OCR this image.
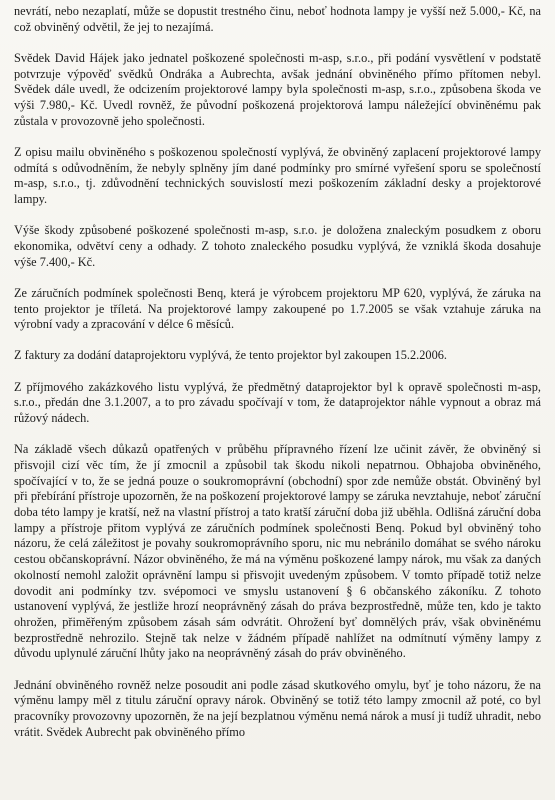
nevrátí, nebo nezaplatí, může se dopustit trestného činu, neboť hodnota lampy je vyšší než 5.000,- Kč, na což obviněný odvětil, že jej to nezajímá.

Svědek David Hájek jako jednatel poškozené společnosti m-asp, s.r.o., při podání vysvětlení v podstatě potvrzuje výpověď svědků Ondráka a Aubrechta, avšak jednání obviněného přímo přítomen nebyl. Svědek dále uvedl, že odcizením projektorové lampy byla společnosti m-asp, s.r.o., způsobena škoda ve výši 7.980,- Kč. Uvedl rovněž, že původní poškozená projektorová lampu náležející obviněnému pak zůstala v provozovně jeho společnosti.

Z opisu mailu obviněného s poškozenou společností vyplývá, že obviněný zaplacení projektorové lampy odmítá s odůvodněním, že nebyly splněny jím dané podmínky pro smírné vyřešení sporu se společností m-asp, s.r.o., tj. zdůvodnění technických souvislostí mezi poškozením základní desky a projektorové lampy.

Výše škody způsobené poškozené společnosti m-asp, s.r.o. je doložena znaleckým posudkem z oboru ekonomika, odvětví ceny a odhady. Z tohoto znaleckého posudku vyplývá, že vzniklá škoda dosahuje výše 7.400,- Kč.

Ze záručních podmínek společnosti Benq, která je výrobcem projektoru MP 620, vyplývá, že záruka na tento projektor je tříletá. Na projektorové lampy zakoupené po 1.7.2005 se však vztahuje záruka na výrobní vady a zpracování v délce 6 měsíců.

Z faktury za dodání dataprojektoru vyplývá, že tento projektor byl zakoupen 15.2.2006.

Z příjmového zakázkového listu vyplývá, že předmětný dataprojektor byl k opravě společnosti m-asp, s.r.o., předán dne 3.1.2007, a to pro závadu spočívají v tom, že dataprojektor náhle vypnout a obraz má růžový nádech.

Na základě všech důkazů opatřených v průběhu přípravného řízení lze učinit závěr, že obviněný si přisvojil cizí věc tím, že jí zmocnil a způsobil tak škodu nikoli nepatrnou. Obhajoba obviněného, spočívající v to, že se jedná pouze o soukromoprávní (obchodní) spor zde nemůže obstát. Obviněný byl při přebírání přístroje upozorněn, že na poškození projektorové lampy se záruka nevztahuje, neboť záruční doba této lampy je kratší, než na vlastní přístroj a tato kratší záruční doba již uběhla. Odlišná záruční doba lampy a přístroje přitom vyplývá ze záručních podmínek společnosti Benq. Pokud byl obviněný toho názoru, že celá záležitost je povahy soukromoprávního sporu, nic mu nebránilo domáhat se svého nároku cestou občanskoprávní. Názor obviněného, že má na výměnu poškozené lampy nárok, mu však za daných okolností nemohl založit oprávnění lampu si přisvojit uvedeným způsobem. V tomto případě totiž nelze dovodit ani podmínky tzv. svépomoci ve smyslu ustanovení § 6 občanského zákoníku. Z tohoto ustanovení vyplývá, že jestliže hrozí neoprávněný zásah do práva bezprostředně, může ten, kdo je takto ohrožen, přiměřeným způsobem zásah sám odvrátit. Ohrožení byť domnělých práv, však obviněnému bezprostředně nehrozilo. Stejně tak nelze v žádném případě nahlížet na odmítnutí výměny lampy z důvodu uplynulé záruční lhůty jako na neoprávněný zásah do práv obviněného.

Jednání obviněného rovněž nelze posoudit ani podle zásad skutkového omylu, byť je toho názoru, že na výměnu lampy měl z titulu záruční opravy nárok. Obviněný se totiž této lampy zmocnil až poté, co byl pracovníky provozovny upozorněn, že na její bezplatnou výměnu nemá nárok a musí ji tudíž uhradit, nebo vrátit. Svědek Aubrecht pak obviněného přímo
